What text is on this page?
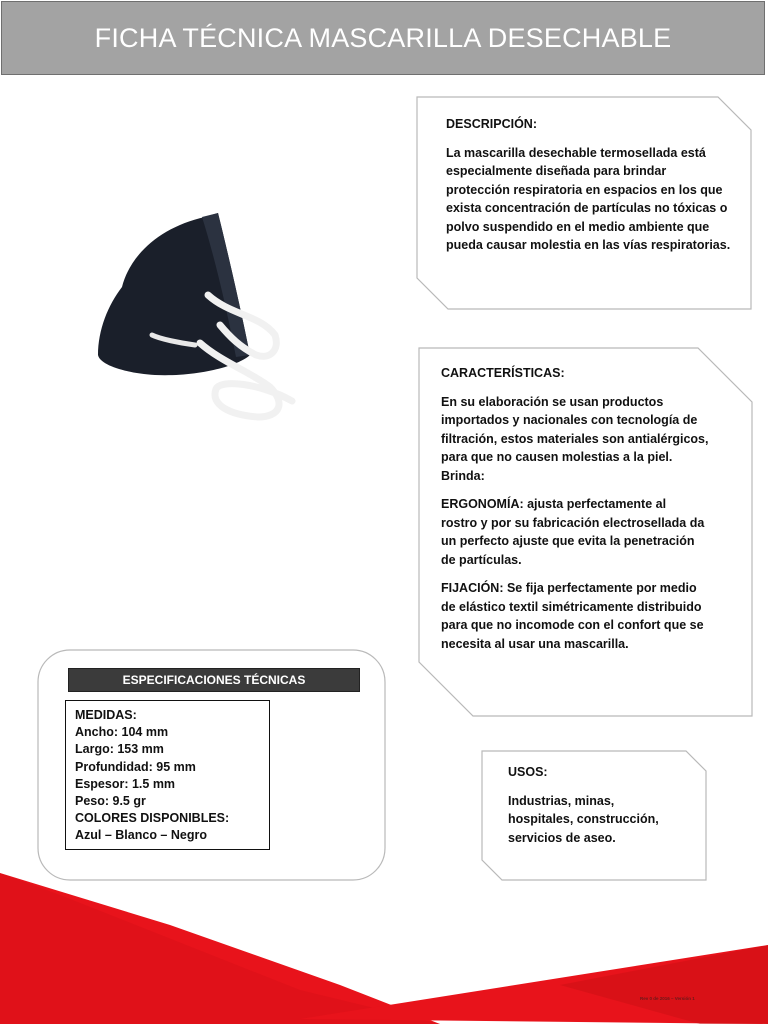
FICHA TÉCNICA MASCARILLA DESECHABLE

DESCRIPCIÓN:

La mascarilla desechable termosellada está

especialmente diseñada para brindar

protección respiratoria en espacios en los que

exista concentración de partículas no tóxicas o

polvo suspendido en el medio ambiente que

pueda causar molestia en las vías respiratorias.

CARACTERÍSTICAS:

En su elaboración se usan productos

importados y nacionales con tecnología de

filtración, estos materiales son antialérgicos,

para que no causen molestias a la piel.

Brinda:

ERGONOMÍA: ajusta perfectamente al

rostro y por su fabricación electrosellada da

un perfecto ajuste que evita la penetración

de partículas.

FIJACIÓN: Se fija perfectamente por medio

de elástico textil simétricamente distribuido

para que no incomode con el confort que se

necesita al usar una mascarilla.

ESPECIFICACIONES TÉCNICAS
MEDIDAS:
Ancho: 104 mm
Largo: 153 mm
Profundidad: 95 mm
Espesor: 1.5 mm
Peso: 9.5 gr
COLORES DISPONIBLES:
Azul – Blanco – Negro

USOS:

Industrias, minas,

hospitales, construcción,

servicios de aseo.

Rev 0 de 2016 – Versión 1
